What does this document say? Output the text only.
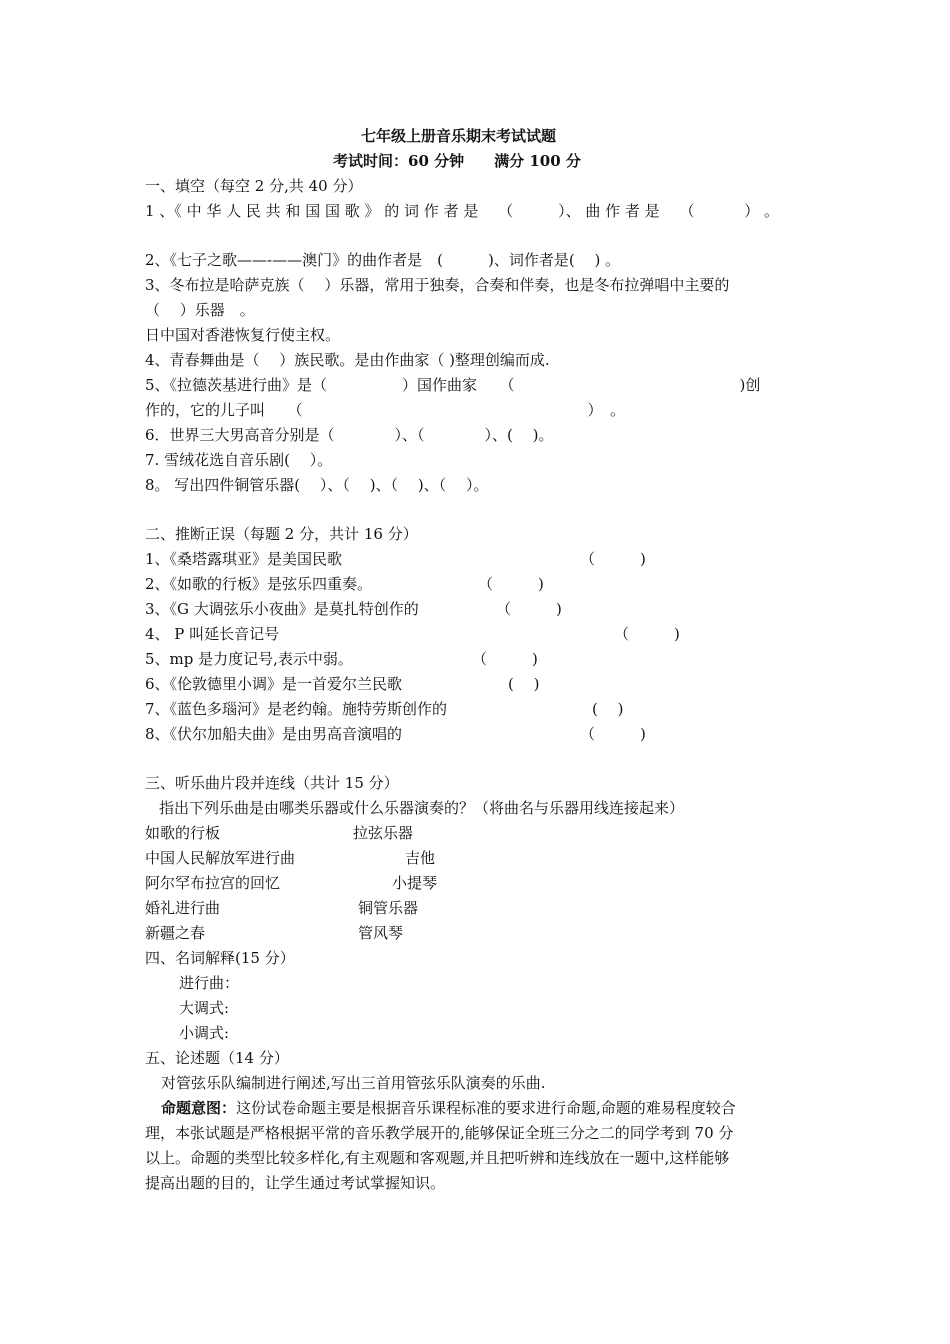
七年级上册音乐期末考试试题
考试时间：60 分钟　　满分 100 分
一、填空（每空 2 分,共 40 分）
1 、《 中 华 人 民 共 和 国 国 歌 》 的 词 作 者 是　 （　　　）、 曲 作 者 是　 （　　　 ） 。
2、《七子之歌——-——澳门》的曲作者是　(　　　)、词作者是(　 ) 。
3、冬布拉是哈萨克族（　 ）乐器，常用于独奏，合奏和伴奏，也是冬布拉弹唱中主要的
（　 ）乐器　。
日中国对香港恢复行使主权。
4、青春舞曲是（　 ）族民歌。是由作曲家（ )整理创编而成.
5、《拉德茨基进行曲》是（　　　　　）国作曲家　　（　　　　　　　　　　　　　　　)创
作的，它的儿子叫　　（　　　　　　　　　　　　　　　　　　　）　。
6．世界三大男高音分别是（　　　　）、（　　　　）、(　 )。
7. 雪绒花选自音乐剧(　 ）。
8。 写出四件铜管乐器(　 ）、（　 )、（　 )、（　 ）。
二、推断正误（每题 2 分，共计 16 分）
1、《桑塔露琪亚》是美国民歌	（　　　)
2、《如歌的行板》是弦乐四重奏。	（　　　)
3、《G 大调弦乐小夜曲》是莫扎特创作的	（　　　)
4、 P 叫延长音记号	（　　　)
5、mp 是力度记号,表示中弱。	（　　　)
6、《伦敦德里小调》是一首爱尔兰民歌	(　 )
7、《蓝色多瑙河》是老约翰。施特劳斯创作的	(　 )
8、《伏尔加船夫曲》是由男高音演唱的	（　　　)
三、听乐曲片段并连线（共计 15 分）
指出下列乐曲是由哪类乐器或什么乐器演奏的？（将曲名与乐器用线连接起来）
如歌的行板	拉弦乐器
中国人民解放军进行曲	吉他
阿尔罕布拉宫的回忆	小提琴
婚礼进行曲	铜管乐器
新疆之春	管风琴
四、名词解释(15 分）
进行曲：
大调式:
小调式:
五、论述题（14 分）
对管弦乐队编制进行阐述,写出三首用管弦乐队演奏的乐曲.
命题意图：这份试卷命题主要是根据音乐课程标准的要求进行命题,命题的难易程度较合
理，本张试题是严格根据平常的音乐教学展开的,能够保证全班三分之二的同学考到 70 分
以上。命题的类型比较多样化,有主观题和客观题,并且把听辨和连线放在一题中,这样能够
提高出题的目的，让学生通过考试掌握知识。
